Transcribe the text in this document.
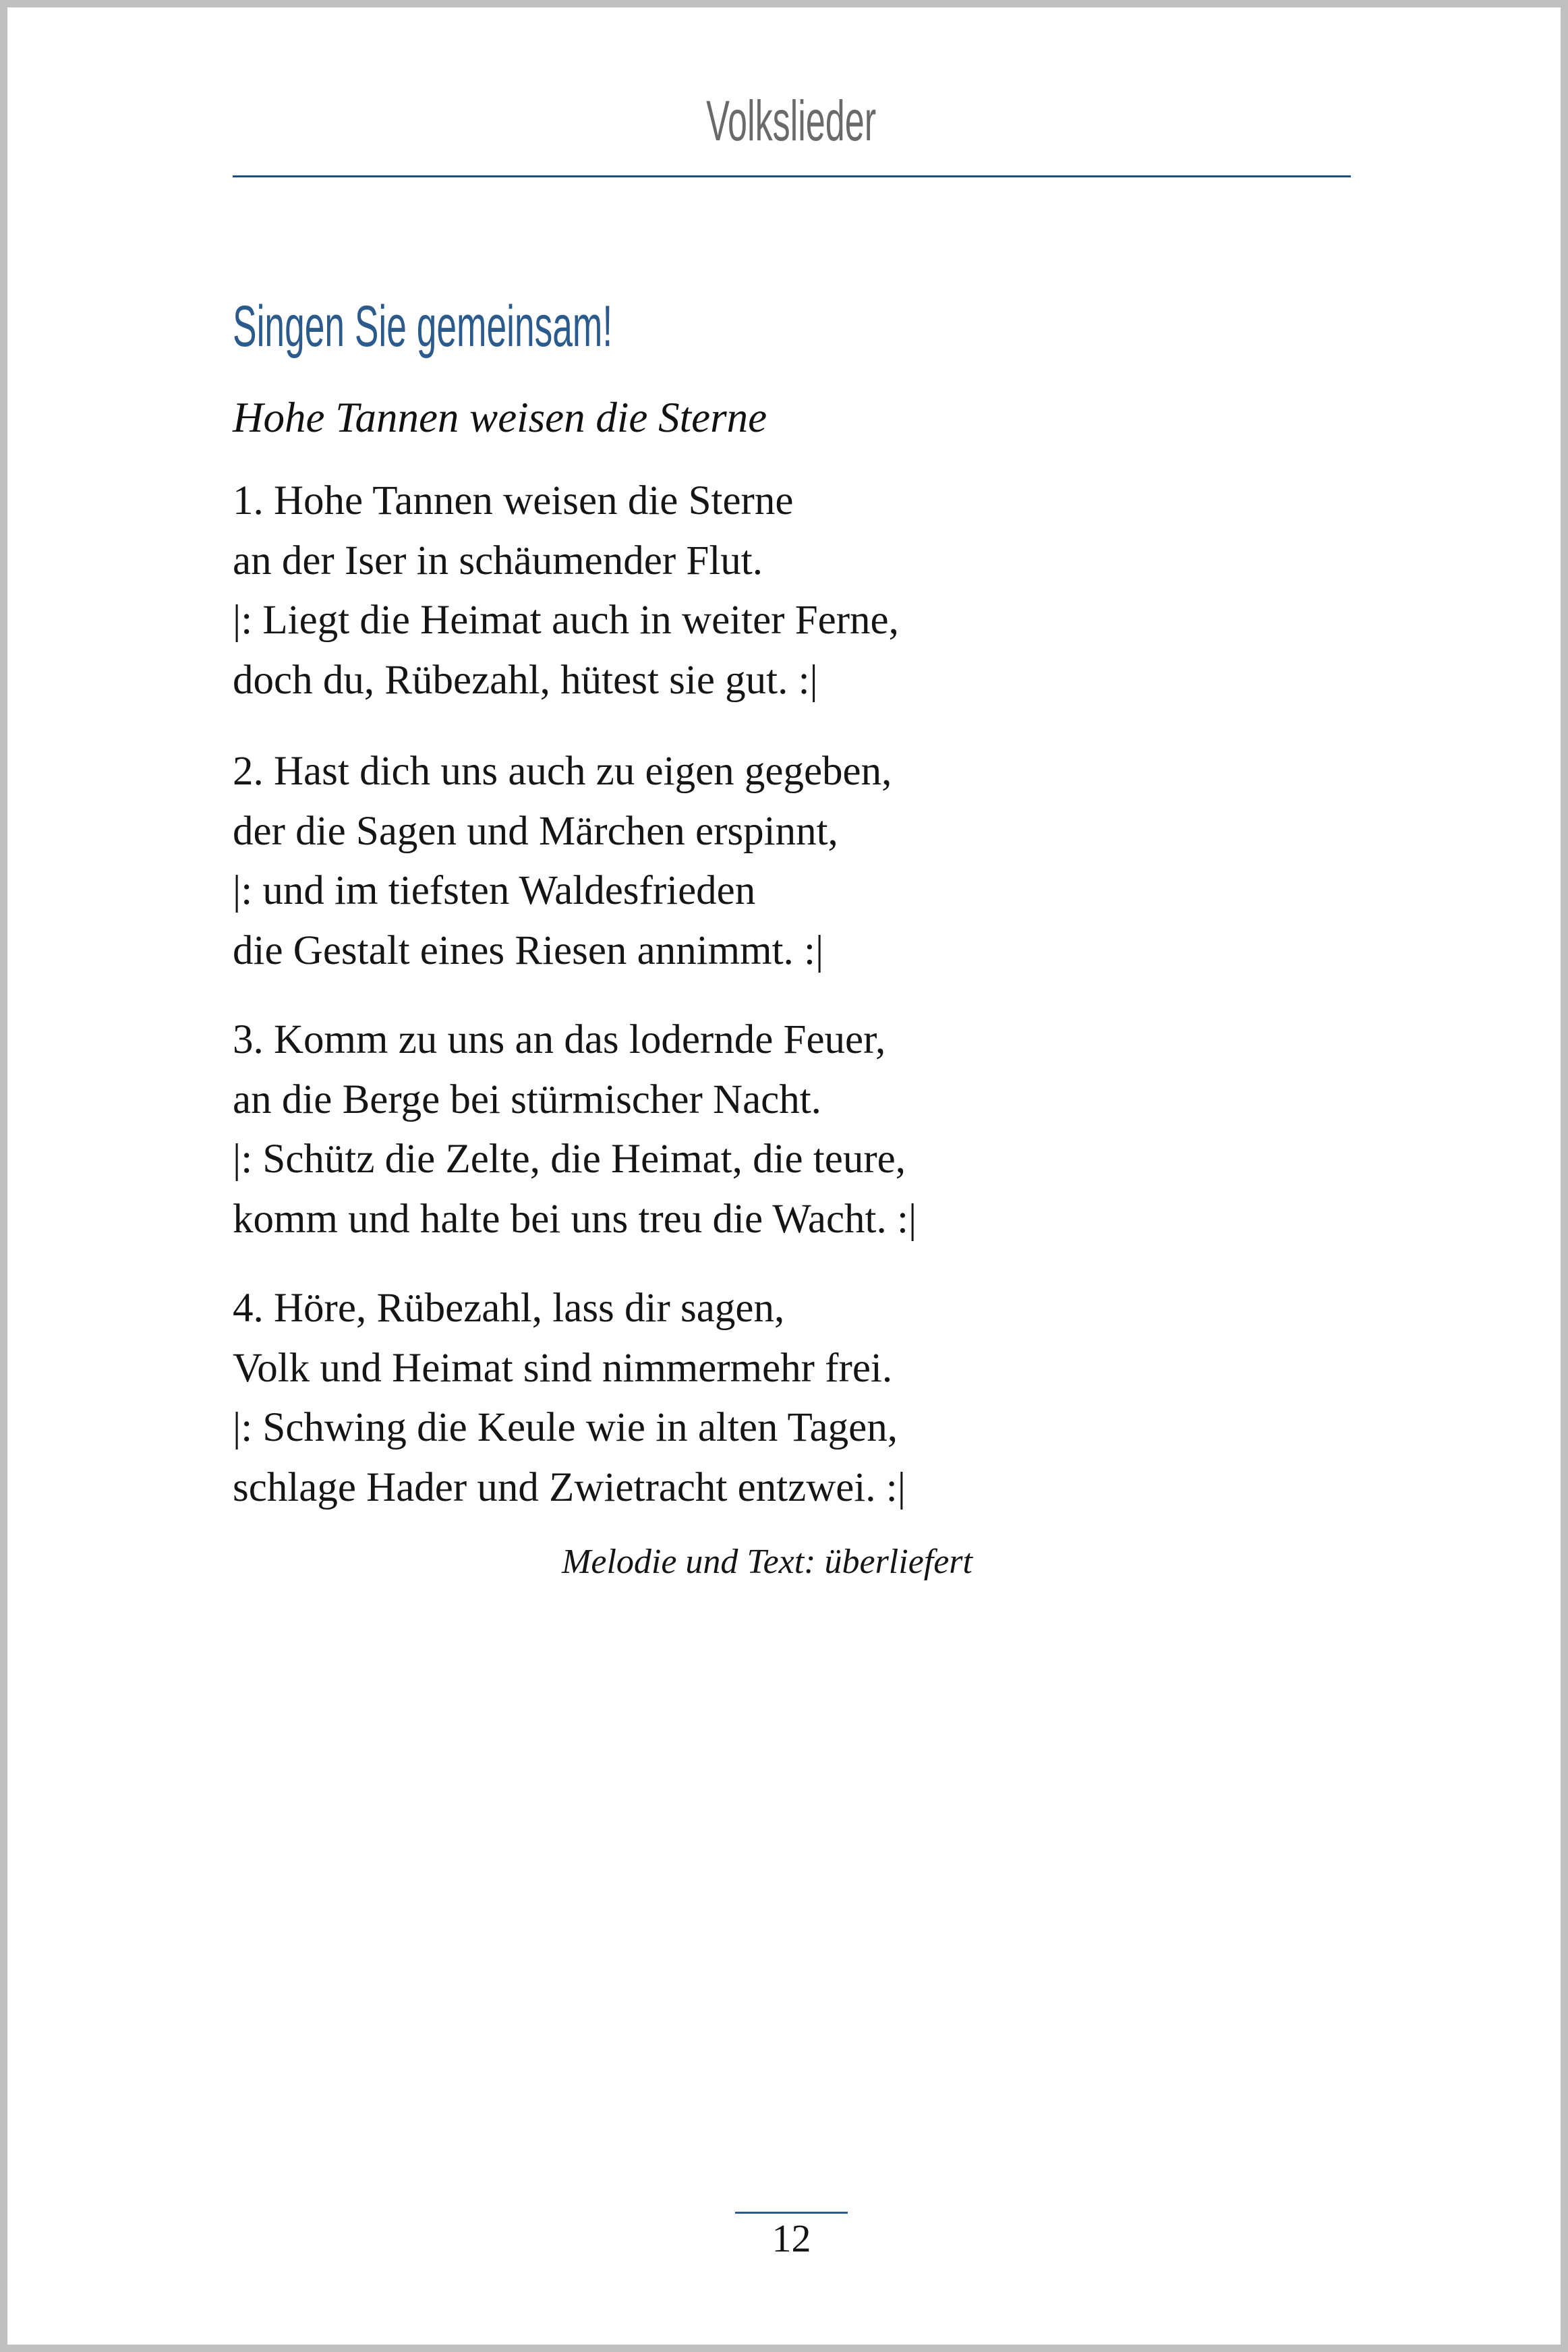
Volkslieder
Singen Sie gemeinsam!
Hohe Tannen weisen die Sterne
1. Hohe Tannen weisen die Sterne
an der Iser in schäumender Flut.
|: Liegt die Heimat auch in weiter Ferne,
doch du, Rübezahl, hütest sie gut. :|
2. Hast dich uns auch zu eigen gegeben,
der die Sagen und Märchen erspinnt,
|: und im tiefsten Waldesfrieden
die Gestalt eines Riesen annimmt. :|
3. Komm zu uns an das lodernde Feuer,
an die Berge bei stürmischer Nacht.
|: Schütz die Zelte, die Heimat, die teure,
komm und halte bei uns treu die Wacht. :|
4. Höre, Rübezahl, lass dir sagen,
Volk und Heimat sind nimmermehr frei.
|: Schwing die Keule wie in alten Tagen,
schlage Hader und Zwietracht entzwei. :|
Melodie und Text: überliefert
12
